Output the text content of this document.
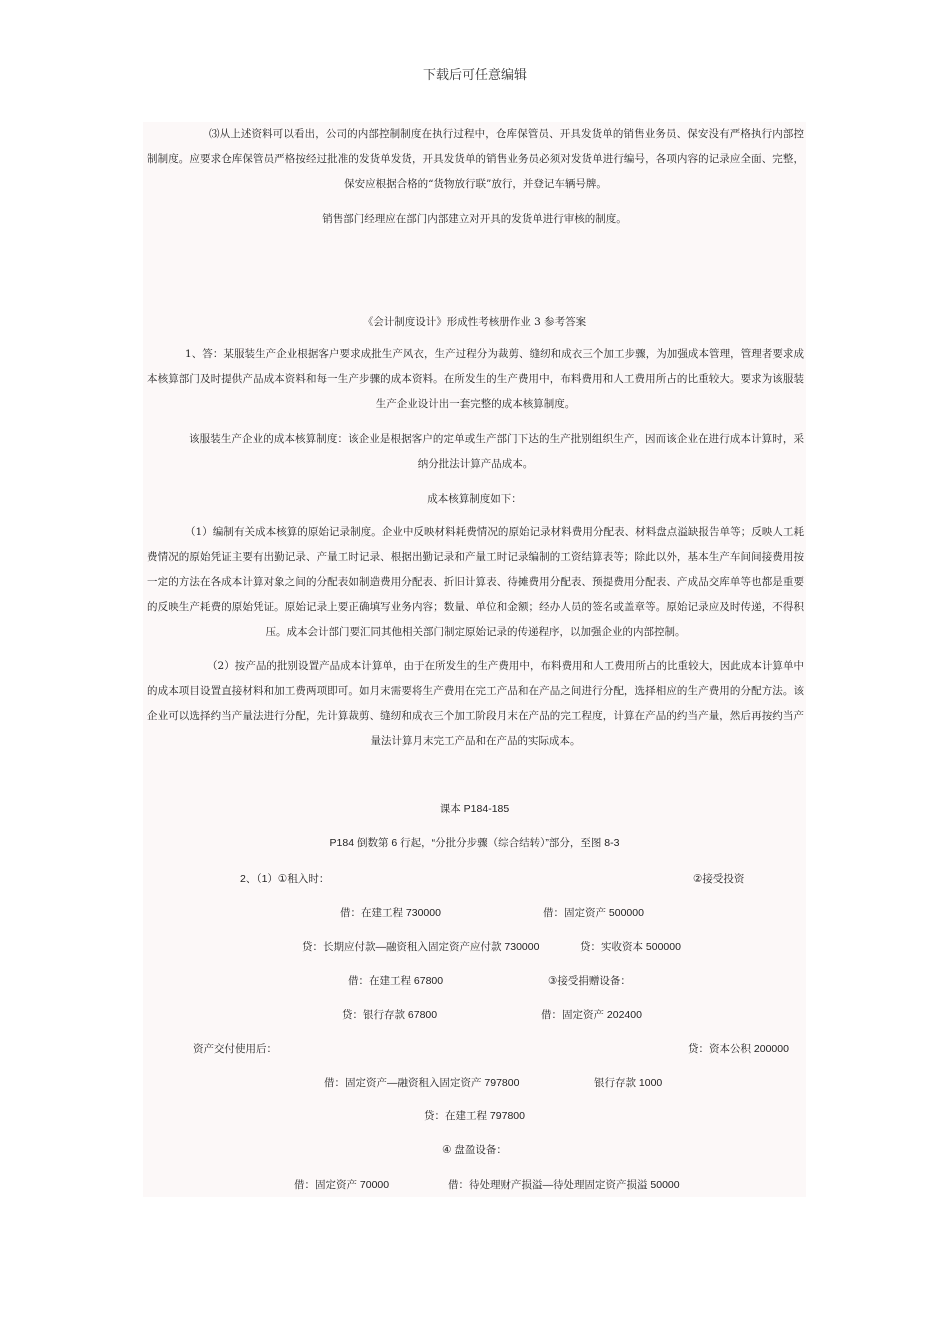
下载后可任意编辑

⑶从上述资料可以看出，公司的内部控制制度在执行过程中，仓库保管员、开具发货单的销售业务员、保安没有严格执行内部控制制度。应要求仓库保管员严格按经过批准的发货单发货，开具发货单的销售业务员必须对发货单进行编号，各项内容的记录应全面、完整，保安应根据合格的“货物放行联”放行，并登记车辆号牌。

销售部门经理应在部门内部建立对开具的发货单进行审核的制度。

《会计制度设计》形成性考核册作业 3 参考答案

1、答：某服装生产企业根据客户要求成批生产风衣，生产过程分为裁剪、缝纫和成衣三个加工步骤，为加强成本管理，管理者要求成本核算部门及时提供产品成本资料和每一生产步骤的成本资料。在所发生的生产费用中，布料费用和人工费用所占的比重较大。要求为该服装生产企业设计出一套完整的成本核算制度。

该服装生产企业的成本核算制度：该企业是根据客户的定单或生产部门下达的生产批别组织生产，因而该企业在进行成本计算时，采纳分批法计算产品成本。

成本核算制度如下：

（1）编制有关成本核算的原始记录制度。企业中反映材料耗费情况的原始记录材料费用分配表、材料盘点溢缺报告单等；反映人工耗费情况的原始凭证主要有出勤记录、产量工时记录、根据出勤记录和产量工时记录编制的工资结算表等；除此以外，基本生产车间间接费用按一定的方法在各成本计算对象之间的分配表如制造费用分配表、折旧计算表、待摊费用分配表、预提费用分配表、产成品交库单等也都是重要的反映生产耗费的原始凭证。原始记录上要正确填写业务内容；数量、单位和金额；经办人员的签名或盖章等。原始记录应及时传递，不得积压。成本会计部门要汇同其他相关部门制定原始记录的传递程序，以加强企业的内部控制。

（2）按产品的批别设置产品成本计算单，由于在所发生的生产费用中，布料费用和人工费用所占的比重较大，因此成本计算单中的成本项目设置直接材料和加工费两项即可。如月末需要将生产费用在完工产品和在产品之间进行分配，选择相应的生产费用的分配方法。该企业可以选择约当产量法进行分配，先计算裁剪、缝纫和成衣三个加工阶段月末在产品的完工程度，计算在产品的约当产量，然后再按约当产量法计算月末完工产品和在产品的实际成本。

课本 P184-185

P184 倒数第 6 行起，“分批分步骤（综合结转）”部分，至图 8-3

2、（1）①租入时：	②接受投资
借：在建工程 730000	借：固定资产 500000
贷：长期应付款—融资租入固定资产应付款 730000	贷：实收资本 500000
借：在建工程 67800	③接受捐赠设备：
贷：银行存款 67800	借：固定资产 202400
资产交付使用后：	贷：资本公积 200000
借：固定资产—融资租入固定资产 797800	银行存款 1000

贷：在建工程 797800

④ 盘盈设备：

借：固定资产 70000	借：待处理财产损溢—待处理固定资产损溢 50000
